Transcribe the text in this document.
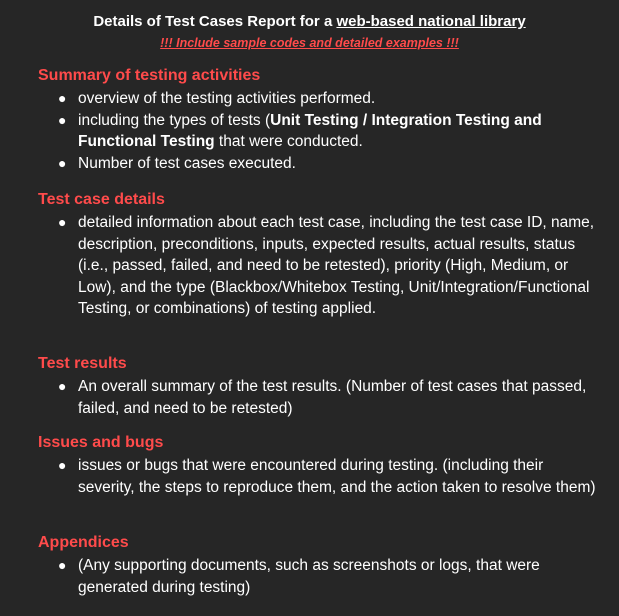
Details of Test Cases Report for a web-based national library
!!! Include sample codes and detailed examples !!!
Summary of testing activities
● overview of the testing activities performed.
● including the types of tests (Unit Testing / Integration Testing and Functional Testing that were conducted.
● Number of test cases executed.
Test case details
● detailed information about each test case, including the test case ID, name, description, preconditions, inputs, expected results, actual results, status (i.e., passed, failed, and need to be retested), priority (High, Medium, or Low), and the type (Blackbox/Whitebox Testing, Unit/Integration/Functional Testing, or combinations) of testing applied.
Test results
● An overall summary of the test results. (Number of test cases that passed, failed, and need to be retested)
Issues and bugs
● issues or bugs that were encountered during testing. (including their severity, the steps to reproduce them, and the action taken to resolve them)
Appendices
● (Any supporting documents, such as screenshots or logs, that were generated during testing)
